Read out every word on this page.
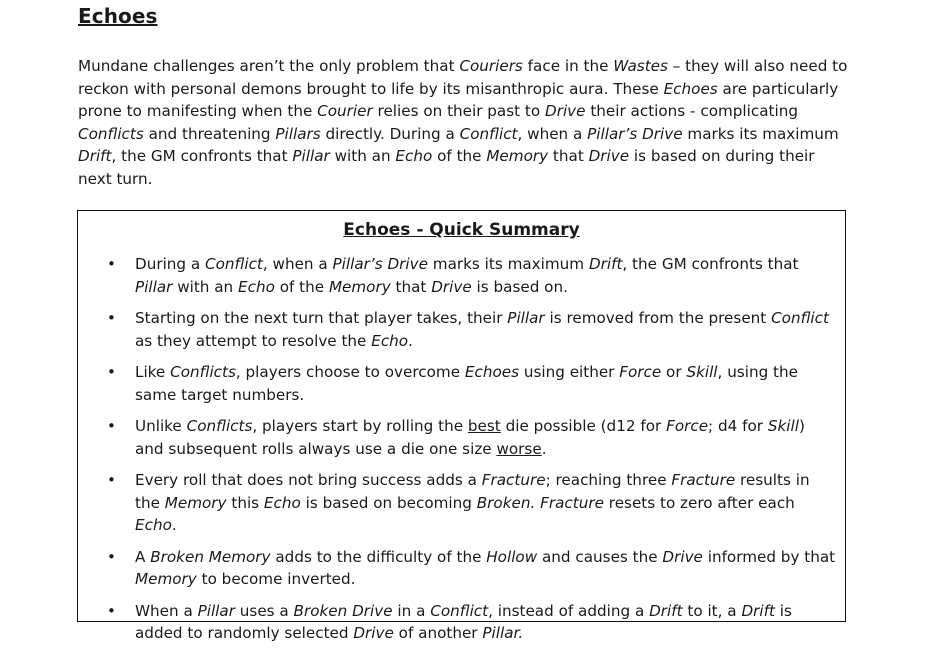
Echoes

Mundane challenges aren’t the only problem that Couriers face in the Wastes – they will also need to reckon with personal demons brought to life by its misanthropic aura. These Echoes are particularly prone to manifesting when the Courier relies on their past to Drive their actions - complicating Conflicts and threatening Pillars directly. During a Conflict, when a Pillar’s Drive marks its maximum Drift, the GM confronts that Pillar with an Echo of the Memory that Drive is based on during their next turn.

Echoes - Quick Summary
• During a Conflict, when a Pillar’s Drive marks its maximum Drift, the GM confronts that Pillar with an Echo of the Memory that Drive is based on.
• Starting on the next turn that player takes, their Pillar is removed from the present Conflict as they attempt to resolve the Echo.
• Like Conflicts, players choose to overcome Echoes using either Force or Skill, using the same target numbers.
• Unlike Conflicts, players start by rolling the best die possible (d12 for Force; d4 for Skill) and subsequent rolls always use a die one size worse.
• Every roll that does not bring success adds a Fracture; reaching three Fracture results in the Memory this Echo is based on becoming Broken. Fracture resets to zero after each Echo.
• A Broken Memory adds to the difficulty of the Hollow and causes the Drive informed by that Memory to become inverted.
• When a Pillar uses a Broken Drive in a Conflict, instead of adding a Drift to it, a Drift is added to randomly selected Drive of another Pillar.
